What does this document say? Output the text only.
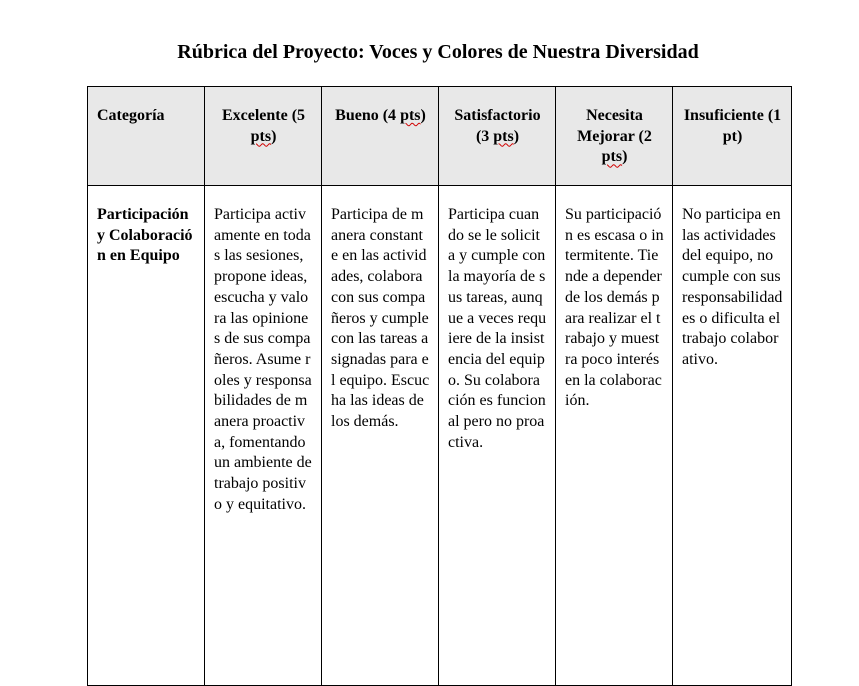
Rúbrica del Proyecto: Voces y Colores de Nuestra Diversidad
Categoría	Excelente (5 pts)	Bueno (4 pts)	Satisfactorio (3 pts)	Necesita Mejorar (2 pts)	Insuficiente (1 pt)

Participación y Colaboración en Equipo	Participa activamente en todas las sesiones, propone ideas, escucha y valora las opiniones de sus compañeros. Asume roles y responsabilidades de manera proactiva, fomentando un ambiente de trabajo positivo y equitativo.	Participa de manera constante en las actividades, colabora con sus compañeros y cumple con las tareas asignadas para el equipo. Escucha las ideas de los demás.	Participa cuando se le solicita y cumple con la mayoría de sus tareas, aunque a veces requiere de la insistencia del equipo. Su colaboración es funcional pero no proactiva.	Su participación es escasa o intermitente. Tiende a depender de los demás para realizar el trabajo y muestra poco interés en la colaboración.	No participa en las actividades del equipo, no cumple con sus responsabilidades o dificulta el trabajo colaborativo.
